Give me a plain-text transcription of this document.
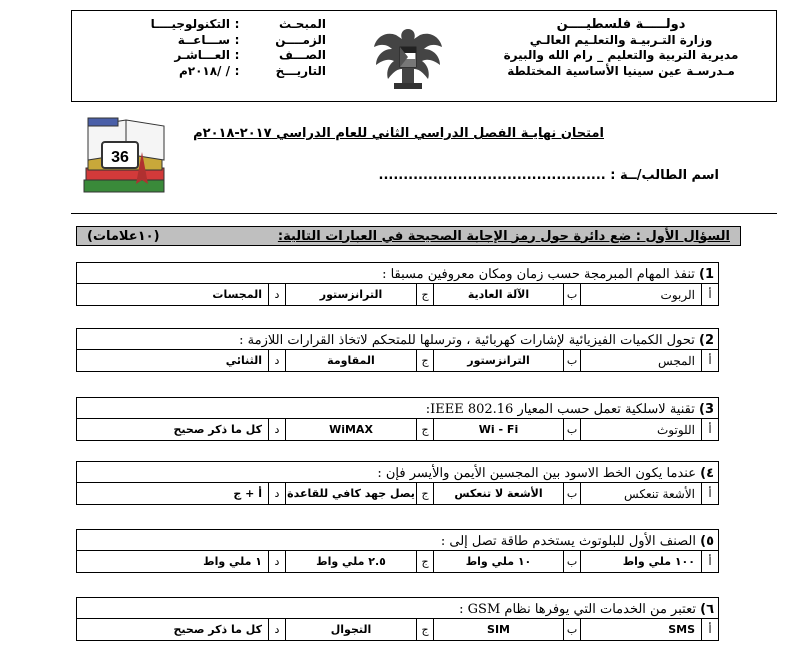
دولـــــة فلسطيــــن
وزارة التـربيـة والتعلـيم العالـي
مديرية التربية والتعليم _ رام الله والبيرة
مـدرسـة عين سينيا الأساسية المختلطة
المبحـث
:
التكنولوجيــــا
الزمــــن
:
ســـاعــة
الصـــف
:
العـــاشـر
التاريـــخ
:
/ /٢٠١٨م
36
امتحان نهايـة الفصل الدراسي الثاني للعام الدراسي ٢٠١٧-٢٠١٨م
اسم الطالب/ــة : ..............................................
السؤال الأول : ضع دائرة حول رمز الإجابة الصحيحة في العبارات التالية:
(١٠علامات)
1) تنفذ المهام المبرمجة حسب زمان ومكان معروفين مسبقا :
أ
الربوت
ب
الآلة العادية
ج
الترانزستور
د
المجسات
2) تحول الكميات الفيزيائية لإشارات كهربائية ، وترسلها للمتحكم لاتخاذ القرارات اللازمة :
أ
المجس
ب
الترانزستور
ج
المقاومة
د
الثنائي
3) تقنية لاسلكية تعمل حسب المعيار IEEE 802.16:
أ
اللوتوث
ب
Wi - Fi
ج
WiMAX
د
كل ما ذكر صحيح
٤) عندما يكون الخط الاسود بين المجسين الأيمن والأيسر فإن :
أ
الأشعة تنعكس
ب
الأشعة لا تنعكس
ج
يصل جهد كافي للقاعدة
د
أ + ج
٥) الصنف الأول للبلوتوث يستخدم طاقة تصل إلى :
أ
١٠٠ ملي واط
ب
١٠ ملي واط
ج
٢.٥ ملي واط
د
١ ملي واط
٦) تعتبر من الخدمات التي يوفرها نظام GSM :
أ
SMS
ب
SIM
ج
التجوال
د
كل ما ذكر صحيح
